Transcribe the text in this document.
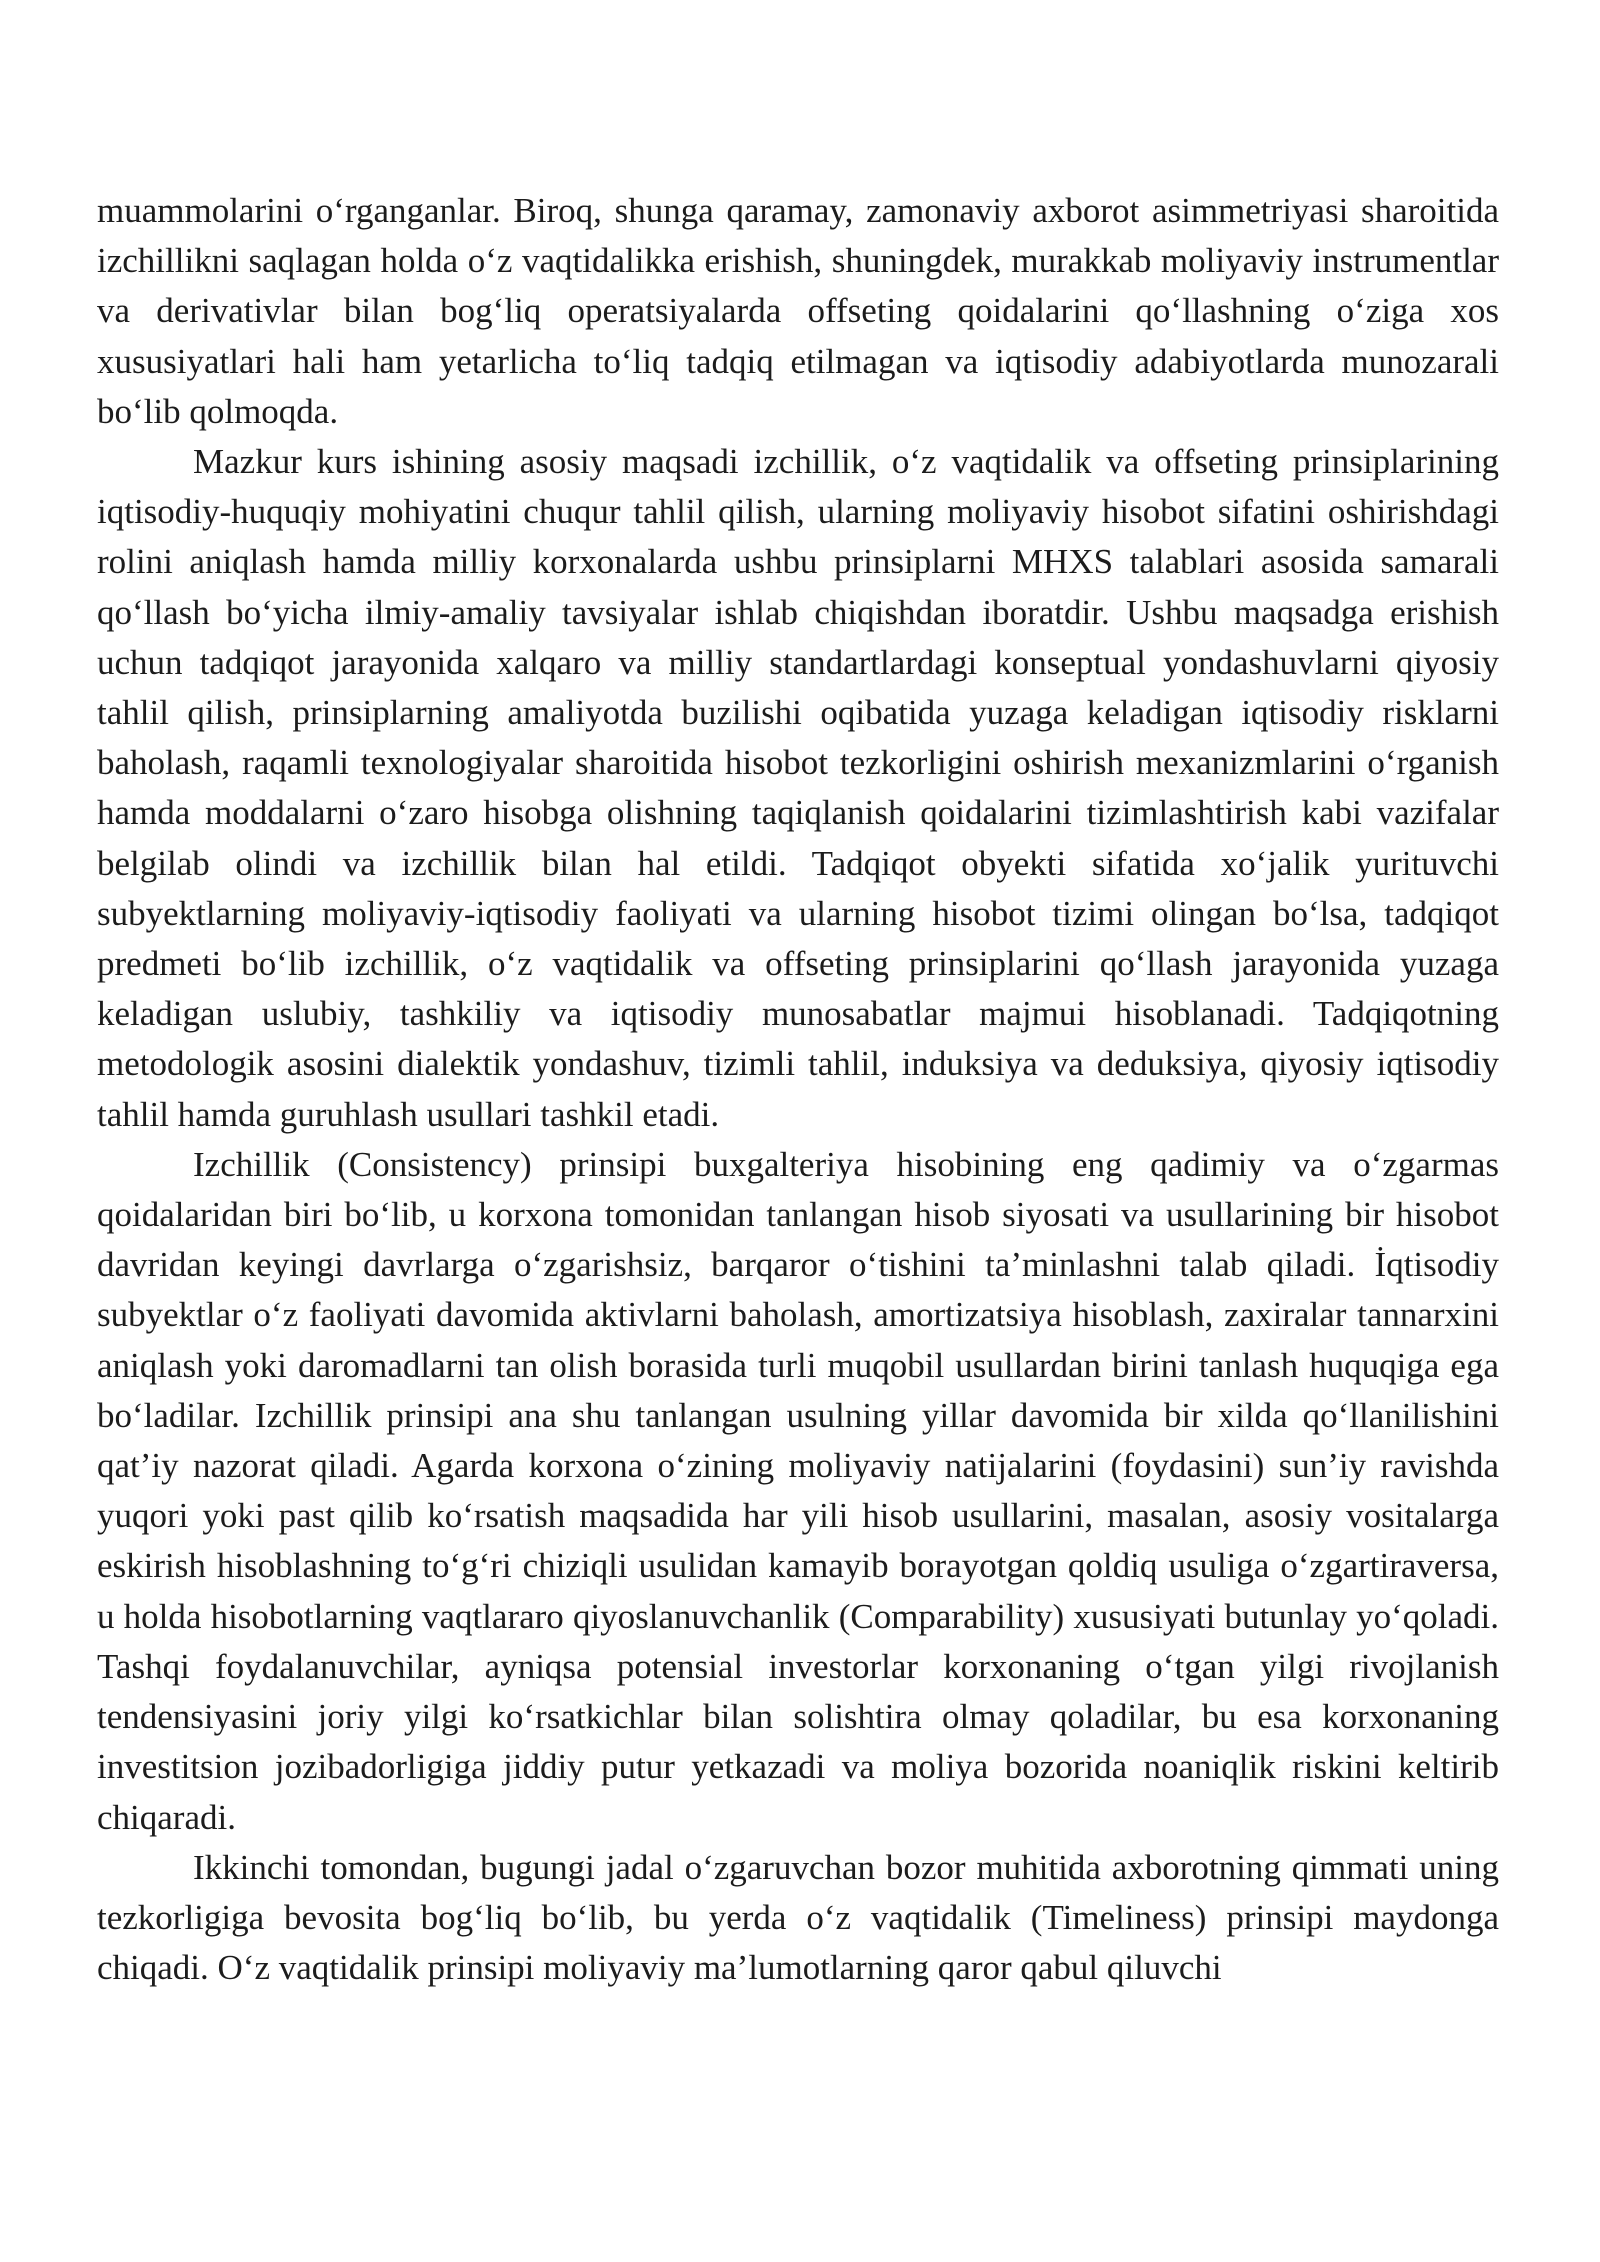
muammolarini o‘rganganlar. Biroq, shunga qaramay, zamonaviy axborot asimmetriyasi sharoitida izchillikni saqlagan holda o‘z vaqtidalikka erishish, shuningdek, murakkab moliyaviy instrumentlar va derivativlar bilan bog‘liq operatsiyalarda offseting qoidalarini qo‘llashning o‘ziga xos xususiyatlari hali ham yetarlicha to‘liq tadqiq etilmagan va iqtisodiy adabiyotlarda munozarali bo‘lib qolmoqda.

Mazkur kurs ishining asosiy maqsadi izchillik, o‘z vaqtidalik va offseting prinsiplarining iqtisodiy-huquqiy mohiyatini chuqur tahlil qilish, ularning moliyaviy hisobot sifatini oshirishdagi rolini aniqlash hamda milliy korxonalarda ushbu prinsiplarni MHXS talablari asosida samarali qo‘llash bo‘yicha ilmiy-amaliy tavsiyalar ishlab chiqishdan iboratdir. Ushbu maqsadga erishish uchun tadqiqot jarayonida xalqaro va milliy standartlardagi konseptual yondashuvlarni qiyosiy tahlil qilish, prinsiplarning amaliyotda buzilishi oqibatida yuzaga keladigan iqtisodiy risklarni baholash, raqamli texnologiyalar sharoitida hisobot tezkorligini oshirish mexanizmlarini o‘rganish hamda moddalarni o‘zaro hisobga olishning taqiqlanish qoidalarini tizimlashtirish kabi vazifalar belgilab olindi va izchillik bilan hal etildi. Tadqiqot obyekti sifatida xo‘jalik yurituvchi subyektlarning moliyaviy-iqtisodiy faoliyati va ularning hisobot tizimi olingan bo‘lsa, tadqiqot predmeti bo‘lib izchillik, o‘z vaqtidalik va offseting prinsiplarini qo‘llash jarayonida yuzaga keladigan uslubiy, tashkiliy va iqtisodiy munosabatlar majmui hisoblanadi. Tadqiqotning metodologik asosini dialektik yondashuv, tizimli tahlil, induksiya va deduksiya, qiyosiy iqtisodiy tahlil hamda guruhlash usullari tashkil etadi.

Izchillik (Consistency) prinsipi buxgalteriya hisobining eng qadimiy va o‘zgarmas qoidalaridan biri bo‘lib, u korxona tomonidan tanlangan hisob siyosati va usullarining bir hisobot davridan keyingi davrlarga o‘zgarishsiz, barqaror o‘tishini ta’minlashni talab qiladi. İqtisodiy subyektlar o‘z faoliyati davomida aktivlarni baholash, amortizatsiya hisoblash, zaxiralar tannarxini aniqlash yoki daromadlarni tan olish borasida turli muqobil usullardan birini tanlash huquqiga ega bo‘ladilar. Izchillik prinsipi ana shu tanlangan usulning yillar davomida bir xilda qo‘llanilishini qat’iy nazorat qiladi. Agarda korxona o‘zining moliyaviy natijalarini (foydasini) sun’iy ravishda yuqori yoki past qilib ko‘rsatish maqsadida har yili hisob usullarini, masalan, asosiy vositalarga eskirish hisoblashning to‘g‘ri chiziqli usulidan kamayib borayotgan qoldiq usuliga o‘zgartiraversa, u holda hisobotlarning vaqtlararo qiyoslanuvchanlik (Comparability) xususiyati butunlay yo‘qoladi. Tashqi foydalanuvchilar, ayniqsa potensial investorlar korxonaning o‘tgan yilgi rivojlanish tendensiyasini joriy yilgi ko‘rsatkichlar bilan solishtira olmay qoladilar, bu esa korxonaning investitsion jozibadorligiga jiddiy putur yetkazadi va moliya bozorida noaniqlik riskini keltirib chiqaradi.

Ikkinchi tomondan, bugungi jadal o‘zgaruvchan bozor muhitida axborotning qimmati uning tezkorligiga bevosita bog‘liq bo‘lib, bu yerda o‘z vaqtidalik (Timeliness) prinsipi maydonga chiqadi. O‘z vaqtidalik prinsipi moliyaviy ma’lumotlarning qaror qabul qiluvchi
